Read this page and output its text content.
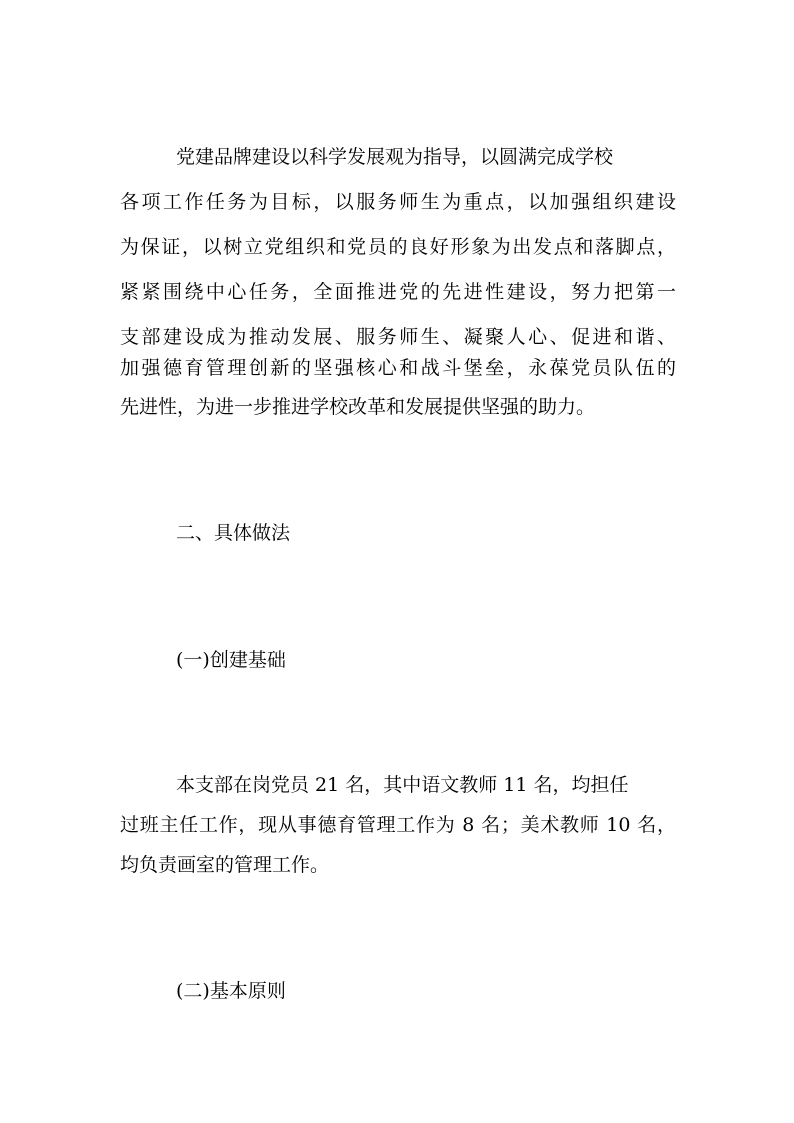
党建品牌建设以科学发展观为指导，以圆满完成学校

各项工作任务为目标，以服务师生为重点，以加强组织建设

为保证，以树立党组织和党员的良好形象为出发点和落脚点，

紧紧围绕中心任务，全面推进党的先进性建设，努力把第一

支部建设成为推动发展、服务师生、凝聚人心、促进和谐、

加强德育管理创新的坚强核心和战斗堡垒，永葆党员队伍的

先进性，为进一步推进学校改革和发展提供坚强的助力。

二、具体做法
(一)创建基础

本支部在岗党员 21 名，其中语文教师 11 名，均担任

过班主任工作，现从事德育管理工作为 8 名；美术教师 10 名，

均负责画室的管理工作。

(二)基本原则
